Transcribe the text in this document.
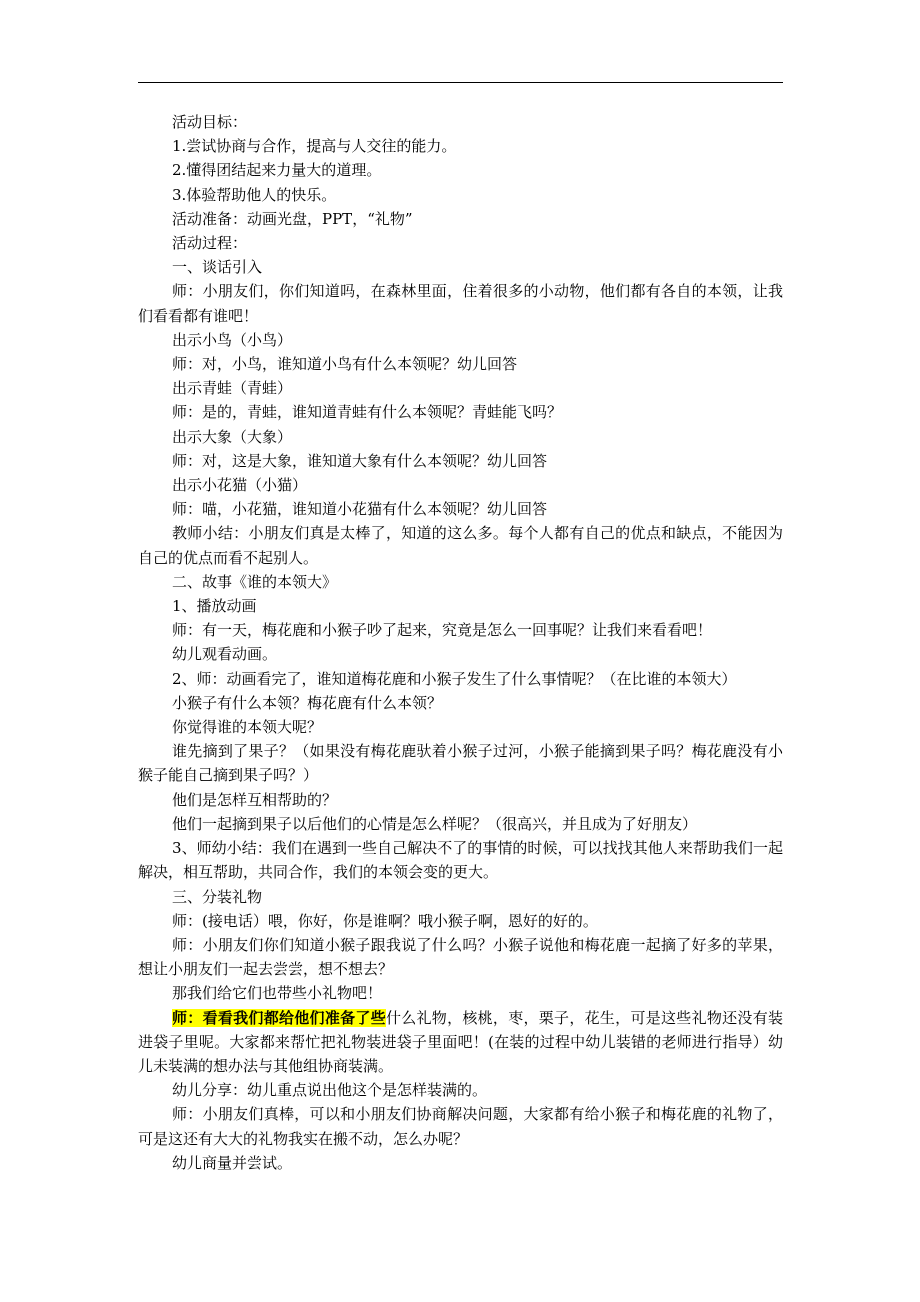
活动目标：

1.尝试协商与合作，提高与人交往的能力。

2.懂得团结起来力量大的道理。

3.体验帮助他人的快乐。

活动准备：动画光盘，PPT，“礼物”

活动过程：

一、谈话引入

师：小朋友们，你们知道吗，在森林里面，住着很多的小动物，他们都有各自的本领，让我们看看都有谁吧！

出示小鸟（小鸟）

师：对，小鸟，谁知道小鸟有什么本领呢？幼儿回答

出示青蛙（青蛙）

师：是的，青蛙，谁知道青蛙有什么本领呢？青蛙能飞吗？

出示大象（大象）

师：对，这是大象，谁知道大象有什么本领呢？幼儿回答

出示小花猫（小猫）

师：喵，小花猫，谁知道小花猫有什么本领呢？幼儿回答

教师小结：小朋友们真是太棒了，知道的这么多。每个人都有自己的优点和缺点，不能因为自己的优点而看不起别人。

二、故事《谁的本领大》

1、播放动画

师：有一天，梅花鹿和小猴子吵了起来，究竟是怎么一回事呢？让我们来看看吧！

幼儿观看动画。

2、师：动画看完了，谁知道梅花鹿和小猴子发生了什么事情呢？（在比谁的本领大）

小猴子有什么本领？梅花鹿有什么本领？

你觉得谁的本领大呢？

谁先摘到了果子？（如果没有梅花鹿驮着小猴子过河，小猴子能摘到果子吗？梅花鹿没有小猴子能自己摘到果子吗？）

他们是怎样互相帮助的？

他们一起摘到果子以后他们的心情是怎么样呢？（很高兴，并且成为了好朋友）

3、师幼小结：我们在遇到一些自己解决不了的事情的时候，可以找找其他人来帮助我们一起解决，相互帮助，共同合作，我们的本领会变的更大。

三、分装礼物

师：(接电话）喂，你好，你是谁啊？哦小猴子啊，恩好的好的。

师：小朋友们你们知道小猴子跟我说了什么吗？小猴子说他和梅花鹿一起摘了好多的苹果，想让小朋友们一起去尝尝，想不想去？

那我们给它们也带些小礼物吧！

师：看看我们都给他们准备了些什么礼物，核桃，枣，栗子，花生，可是这些礼物还没有装进袋子里呢。大家都来帮忙把礼物装进袋子里面吧！(在装的过程中幼儿装错的老师进行指导）幼儿未装满的想办法与其他组协商装满。

幼儿分享：幼儿重点说出他这个是怎样装满的。

师：小朋友们真棒，可以和小朋友们协商解决问题，大家都有给小猴子和梅花鹿的礼物了，可是这还有大大的礼物我实在搬不动，怎么办呢？

幼儿商量并尝试。
